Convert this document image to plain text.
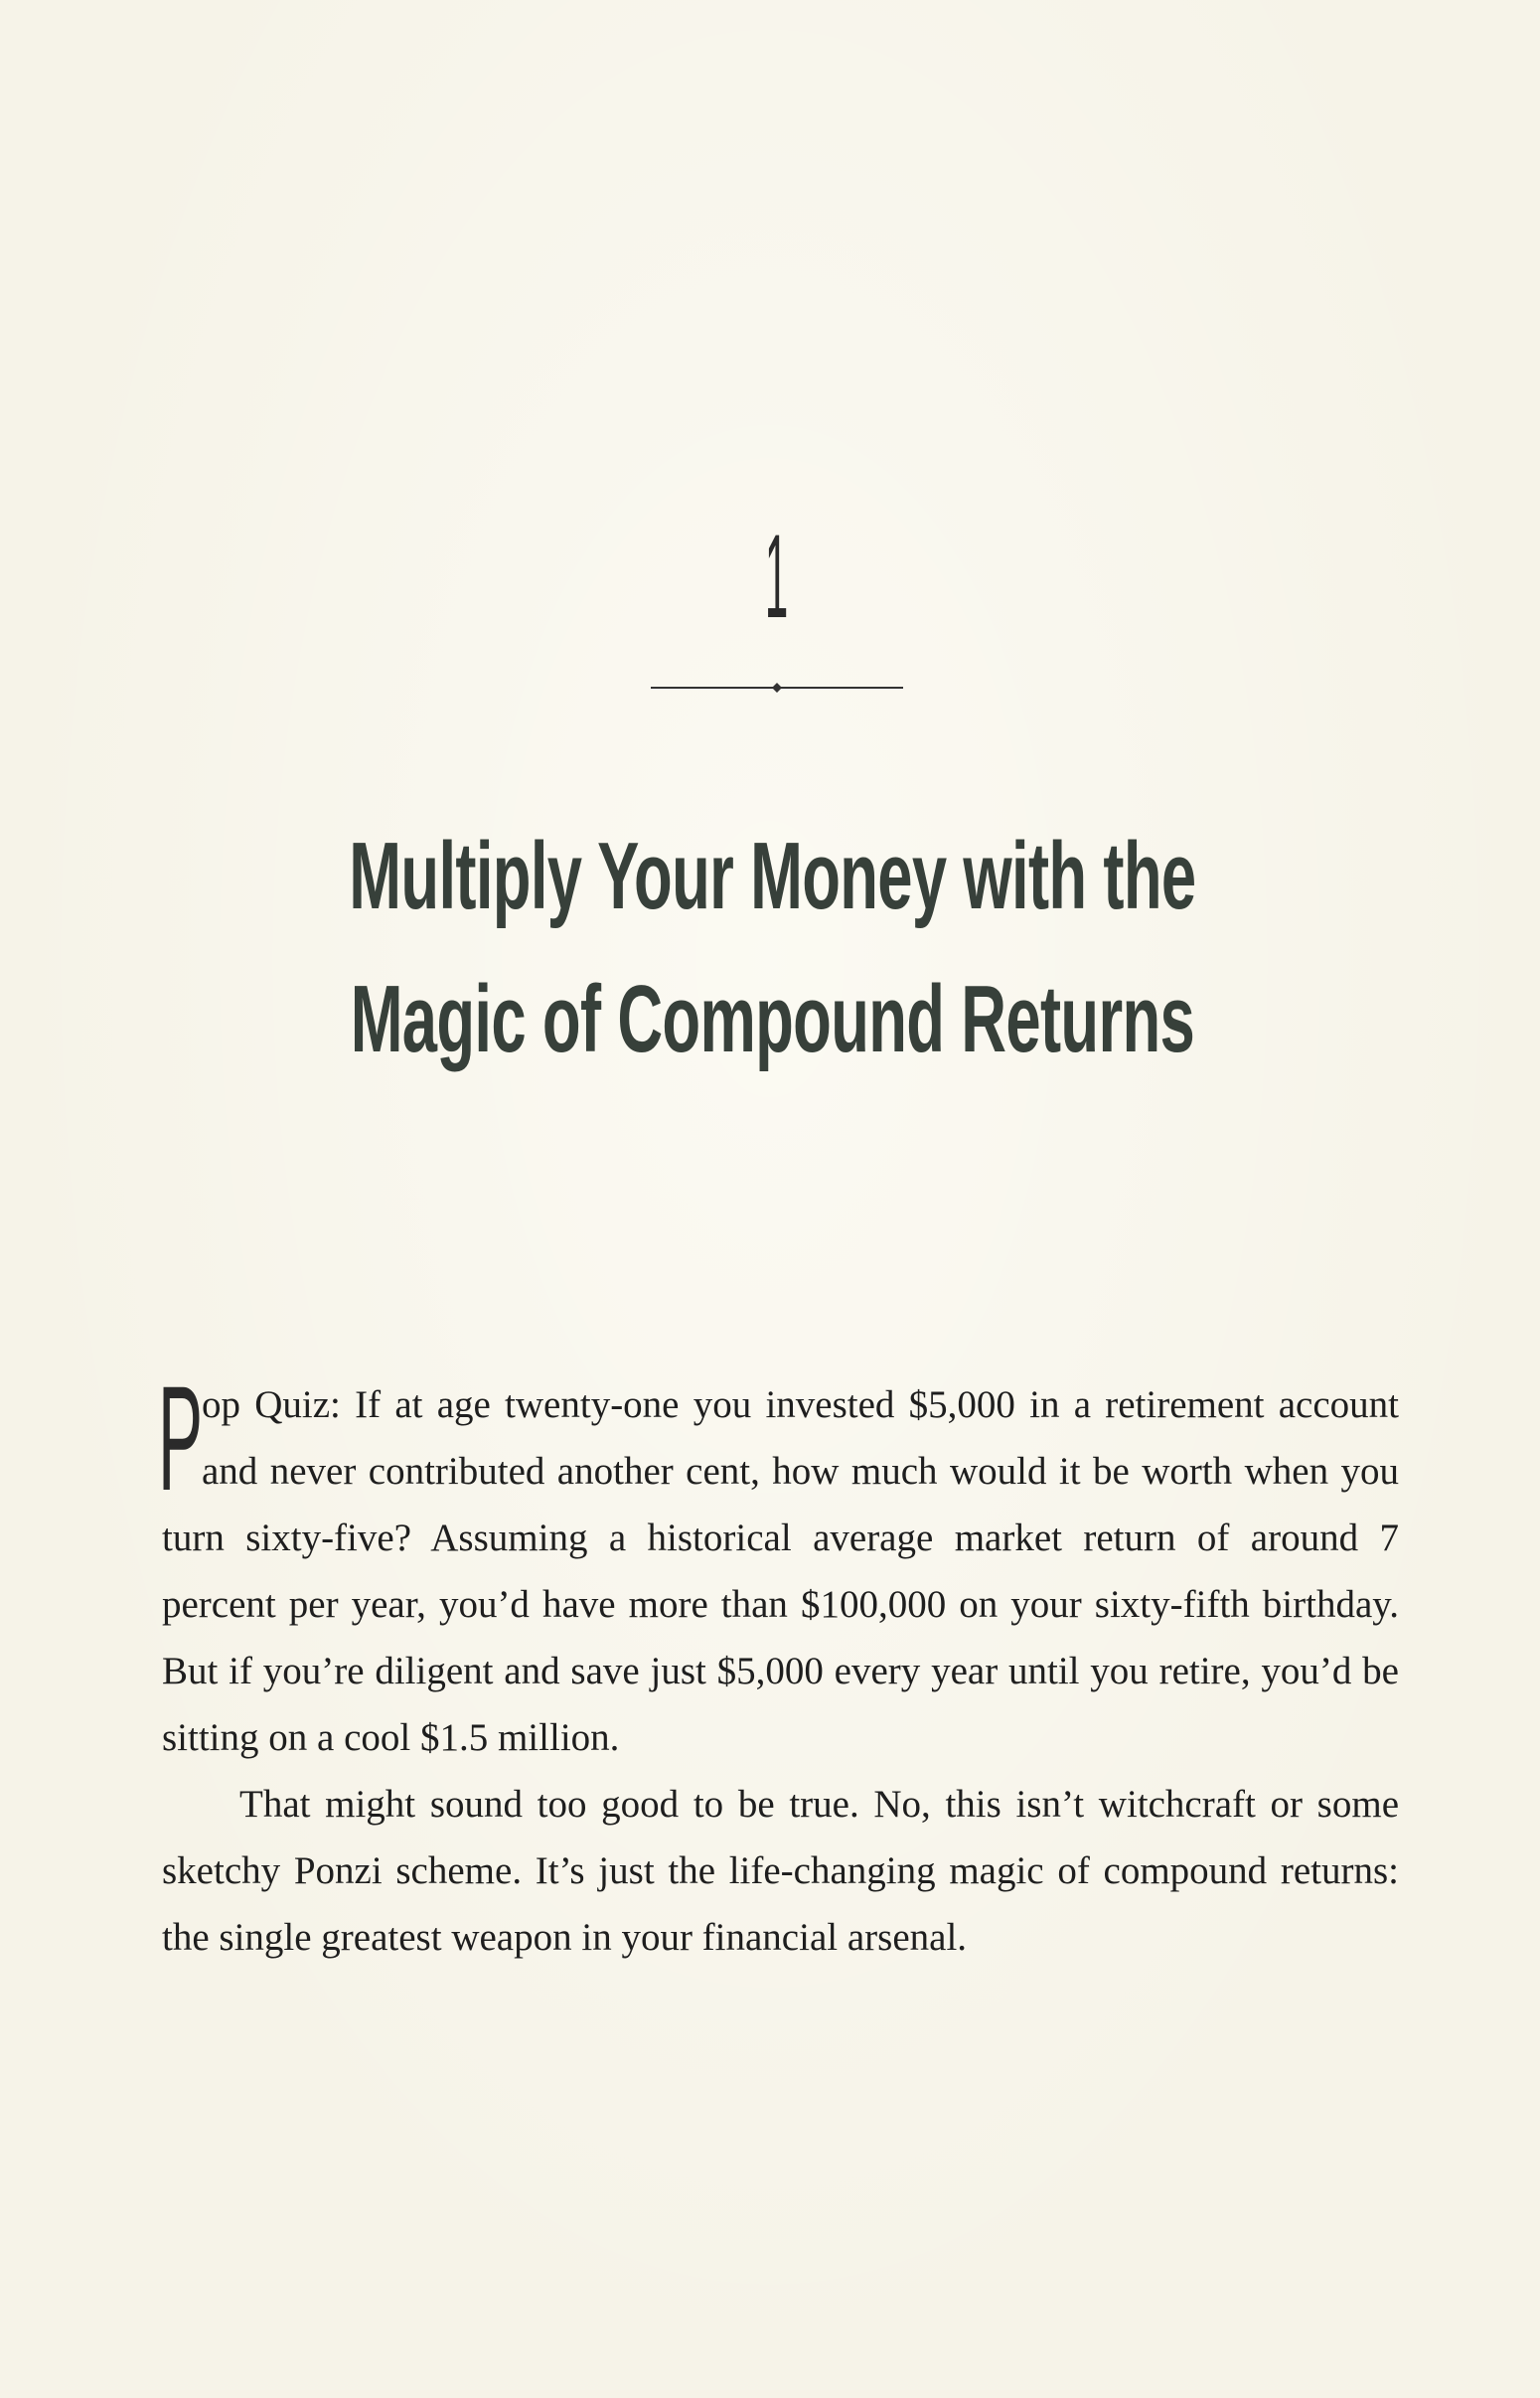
1
Multiply Your Money with the
Magic of Compound Returns

P
op Quiz: If at age twenty-one you invested $5,000 in a retirement account and never contributed another cent, how much would it be worth when you turn sixty-five? Assuming a historical average market return of around 7 percent per year, you’d have more than $100,000 on your sixty-fifth birthday. But if you’re diligent and save just $5,000 every year until you retire, you’d be sitting on a cool $1.5 million.

That might sound too good to be true. No, this isn’t witchcraft or some sketchy Ponzi scheme. It’s just the life-changing magic of compound returns: the single greatest weapon in your financial arsenal.
